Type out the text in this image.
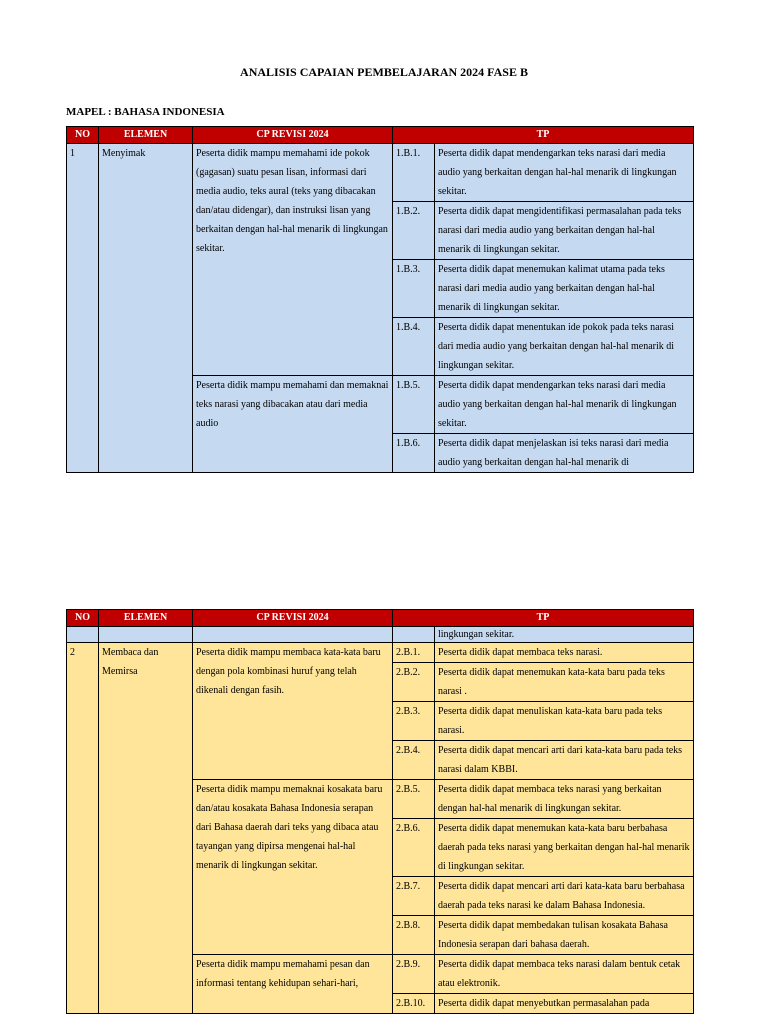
ANALISIS CAPAIAN PEMBELAJARAN 2024 FASE B
MAPEL : BAHASA INDONESIA
NO	ELEMEN	CP REVISI 2024	TP	
1	Menyimak	Peserta didik mampu memahami ide pokok (gagasan) suatu pesan lisan, informasi dari media audio, teks aural (teks yang dibacakan dan/atau didengar), dan instruksi lisan yang berkaitan dengan hal-hal menarik di lingkungan sekitar.	1.B.1.	Peserta didik dapat mendengarkan teks narasi dari media audio yang berkaitan dengan hal-hal menarik di lingkungan sekitar.
			1.B.2.	Peserta didik dapat mengidentifikasi permasalahan pada teks narasi dari media audio yang berkaitan dengan hal-hal menarik di lingkungan sekitar.
			1.B.3.	Peserta didik dapat menemukan kalimat utama pada teks narasi dari media audio yang berkaitan dengan hal-hal menarik di lingkungan sekitar.
			1.B.4.	Peserta didik dapat menentukan ide pokok pada teks narasi dari media audio yang berkaitan dengan hal-hal menarik di lingkungan sekitar.
		Peserta didik mampu memahami dan memaknai teks narasi yang dibacakan atau dari media audio	1.B.5.	Peserta didik dapat mendengarkan teks narasi dari media audio yang berkaitan dengan hal-hal menarik di lingkungan sekitar.
			1.B.6.	Peserta didik dapat menjelaskan isi teks narasi dari media audio yang berkaitan dengan hal-hal menarik di
NO	ELEMEN	CP REVISI 2024	TP	
				lingkungan sekitar.
2	Membaca dan Memirsa	Peserta didik mampu membaca kata-kata baru dengan pola kombinasi huruf yang telah dikenali dengan fasih.	2.B.1.	Peserta didik dapat membaca teks narasi.
			2.B.2.	Peserta didik dapat menemukan kata-kata baru pada teks narasi .
			2.B.3.	Peserta didik dapat menuliskan kata-kata baru pada teks narasi.
			2.B.4.	Peserta didik dapat mencari arti dari kata-kata baru pada teks narasi dalam KBBI.
		Peserta didik mampu memaknai kosakata baru dan/atau kosakata Bahasa Indonesia serapan dari Bahasa daerah dari teks yang dibaca atau tayangan yang dipirsa mengenai hal-hal menarik di lingkungan sekitar.	2.B.5.	Peserta didik dapat membaca teks narasi yang berkaitan dengan hal-hal menarik di lingkungan sekitar.
			2.B.6.	Peserta didik dapat menemukan kata-kata baru berbahasa daerah pada teks narasi yang berkaitan dengan hal-hal menarik di lingkungan sekitar.
			2.B.7.	Peserta didik dapat mencari arti dari kata-kata baru berbahasa daerah pada teks narasi ke dalam Bahasa Indonesia.
			2.B.8.	Peserta didik dapat membedakan tulisan kosakata Bahasa Indonesia serapan dari bahasa daerah.
		Peserta didik mampu memahami pesan dan informasi tentang kehidupan sehari-hari,	2.B.9.	Peserta didik dapat membaca teks narasi dalam bentuk cetak atau elektronik.
			2.B.10.	Peserta didik dapat menyebutkan permasalahan pada
